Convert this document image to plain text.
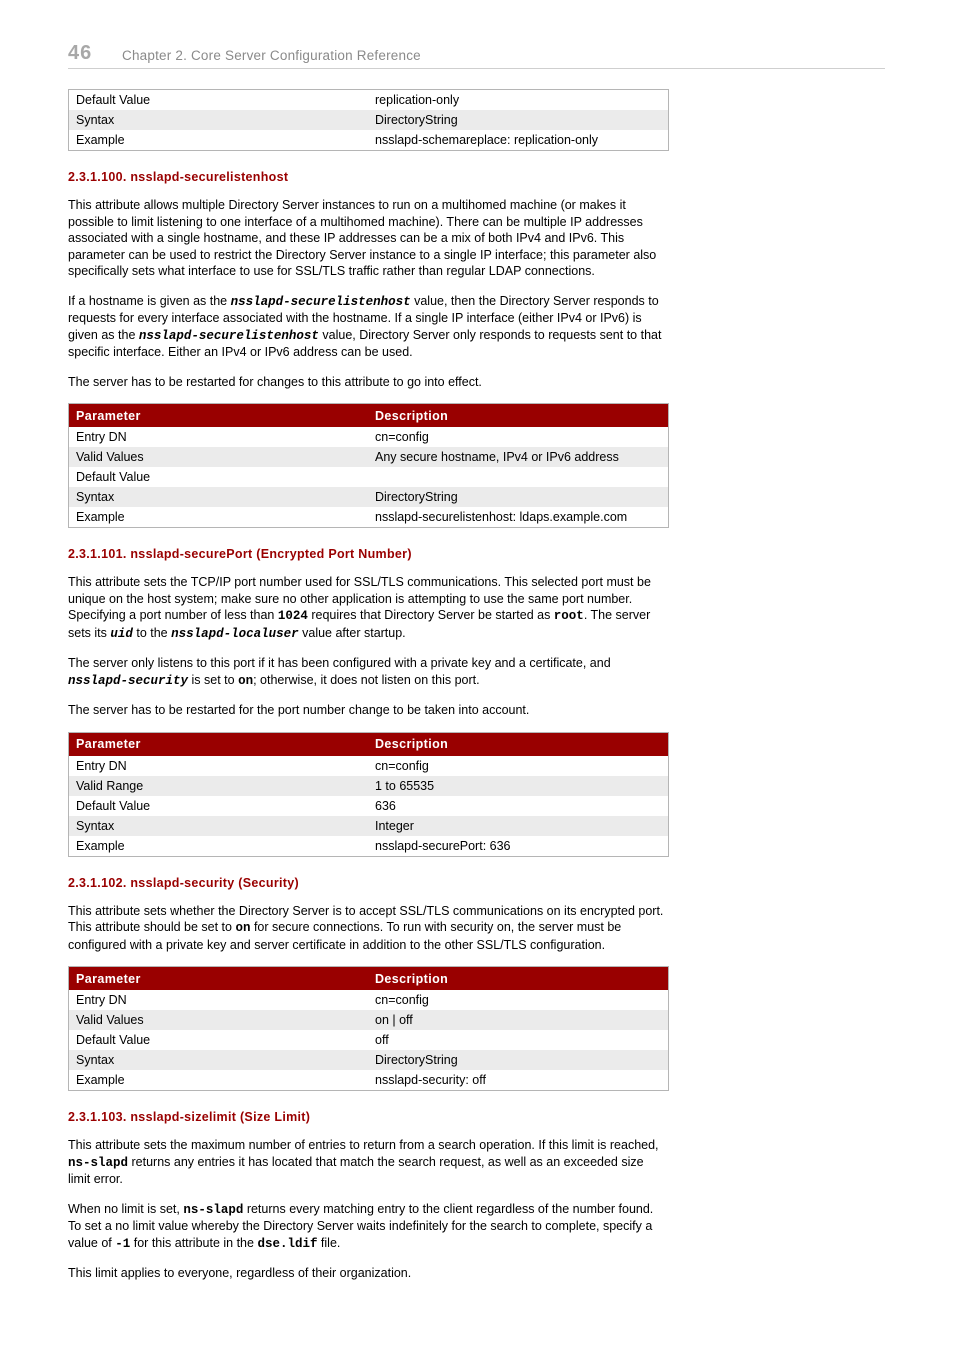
46 Chapter 2. Core Server Configuration Reference
Default Value	replication-only
Syntax	DirectoryString
Example	nsslapd-schemareplace: replication-only
2.3.1.100. nsslapd-securelistenhost

This attribute allows multiple Directory Server instances to run on a multihomed machine (or makes it possible to limit listening to one interface of a multihomed machine). There can be multiple IP addresses associated with a single hostname, and these IP addresses can be a mix of both IPv4 and IPv6. This parameter can be used to restrict the Directory Server instance to a single IP interface; this parameter also specifically sets what interface to use for SSL/TLS traffic rather than regular LDAP connections.

If a hostname is given as the nsslapd-securelistenhost value, then the Directory Server responds to requests for every interface associated with the hostname. If a single IP interface (either IPv4 or IPv6) is given as the nsslapd-securelistenhost value, Directory Server only responds to requests sent to that specific interface. Either an IPv4 or IPv6 address can be used.

The server has to be restarted for changes to this attribute to go into effect.

Parameter	Description
Entry DN	cn=config
Valid Values	Any secure hostname, IPv4 or IPv6 address
Default Value	
Syntax	DirectoryString
Example	nsslapd-securelistenhost: ldaps.example.com
2.3.1.101. nsslapd-securePort (Encrypted Port Number)

This attribute sets the TCP/IP port number used for SSL/TLS communications. This selected port must be unique on the host system; make sure no other application is attempting to use the same port number. Specifying a port number of less than 1024 requires that Directory Server be started as root. The server sets its uid to the nsslapd-localuser value after startup.

The server only listens to this port if it has been configured with a private key and a certificate, and nsslapd-security is set to on; otherwise, it does not listen on this port.

The server has to be restarted for the port number change to be taken into account.

Parameter	Description
Entry DN	cn=config
Valid Range	1 to 65535
Default Value	636
Syntax	Integer
Example	nsslapd-securePort: 636
2.3.1.102. nsslapd-security (Security)

This attribute sets whether the Directory Server is to accept SSL/TLS communications on its encrypted port. This attribute should be set to on for secure connections. To run with security on, the server must be configured with a private key and server certificate in addition to the other SSL/TLS configuration.

Parameter	Description
Entry DN	cn=config
Valid Values	on | off
Default Value	off
Syntax	DirectoryString
Example	nsslapd-security: off
2.3.1.103. nsslapd-sizelimit (Size Limit)

This attribute sets the maximum number of entries to return from a search operation. If this limit is reached, ns-slapd returns any entries it has located that match the search request, as well as an exceeded size limit error.

When no limit is set, ns-slapd returns every matching entry to the client regardless of the number found. To set a no limit value whereby the Directory Server waits indefinitely for the search to complete, specify a value of -1 for this attribute in the dse.ldif file.

This limit applies to everyone, regardless of their organization.
